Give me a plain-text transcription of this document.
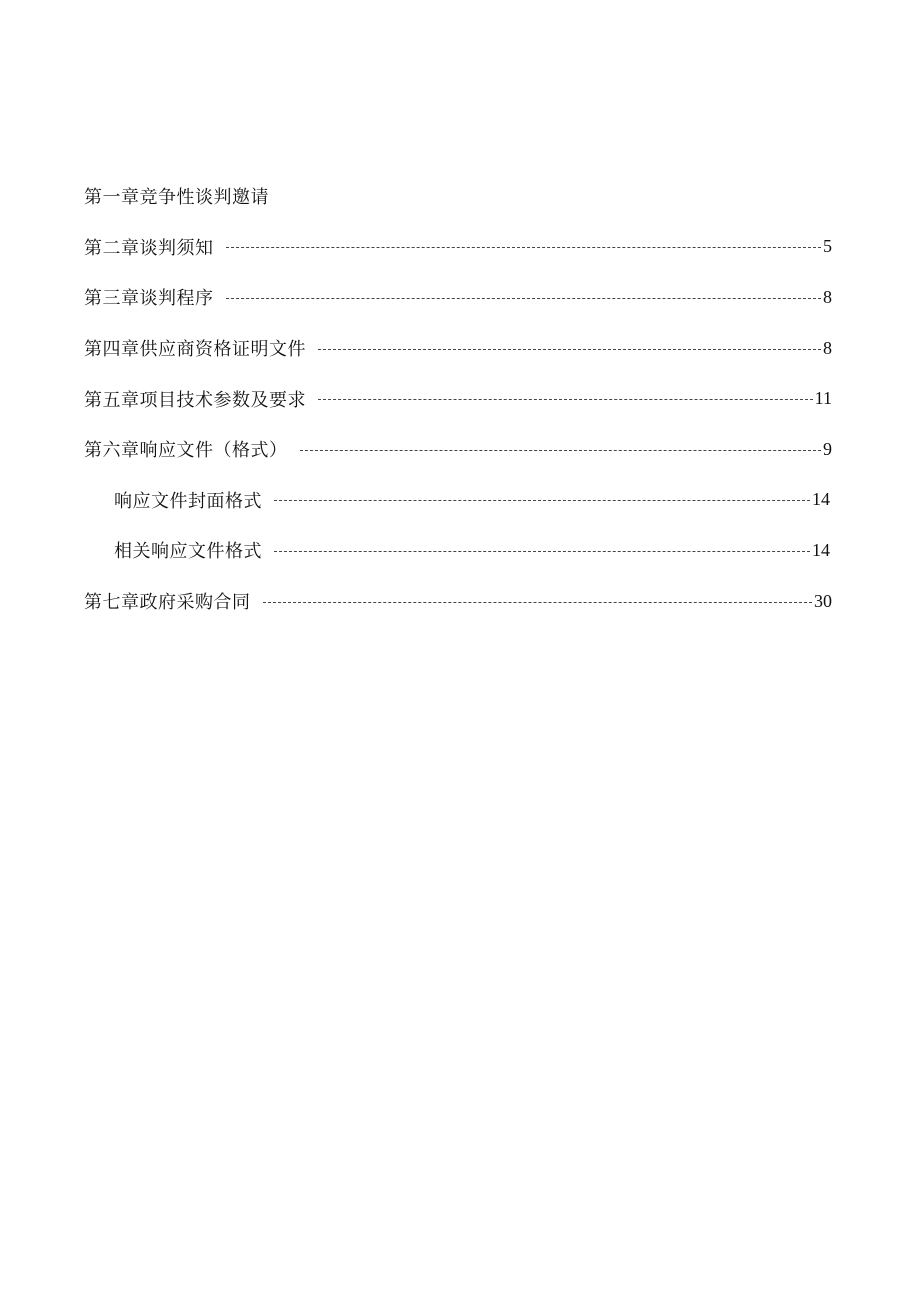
第一章竞争性谈判邀请
第二章谈判须知	5
第三章谈判程序	8
第四章供应商资格证明文件	8
第五章项目技术参数及要求	11
第六章响应文件（格式）	9
响应文件封面格式	14
相关响应文件格式	14
第七章政府采购合同	30
